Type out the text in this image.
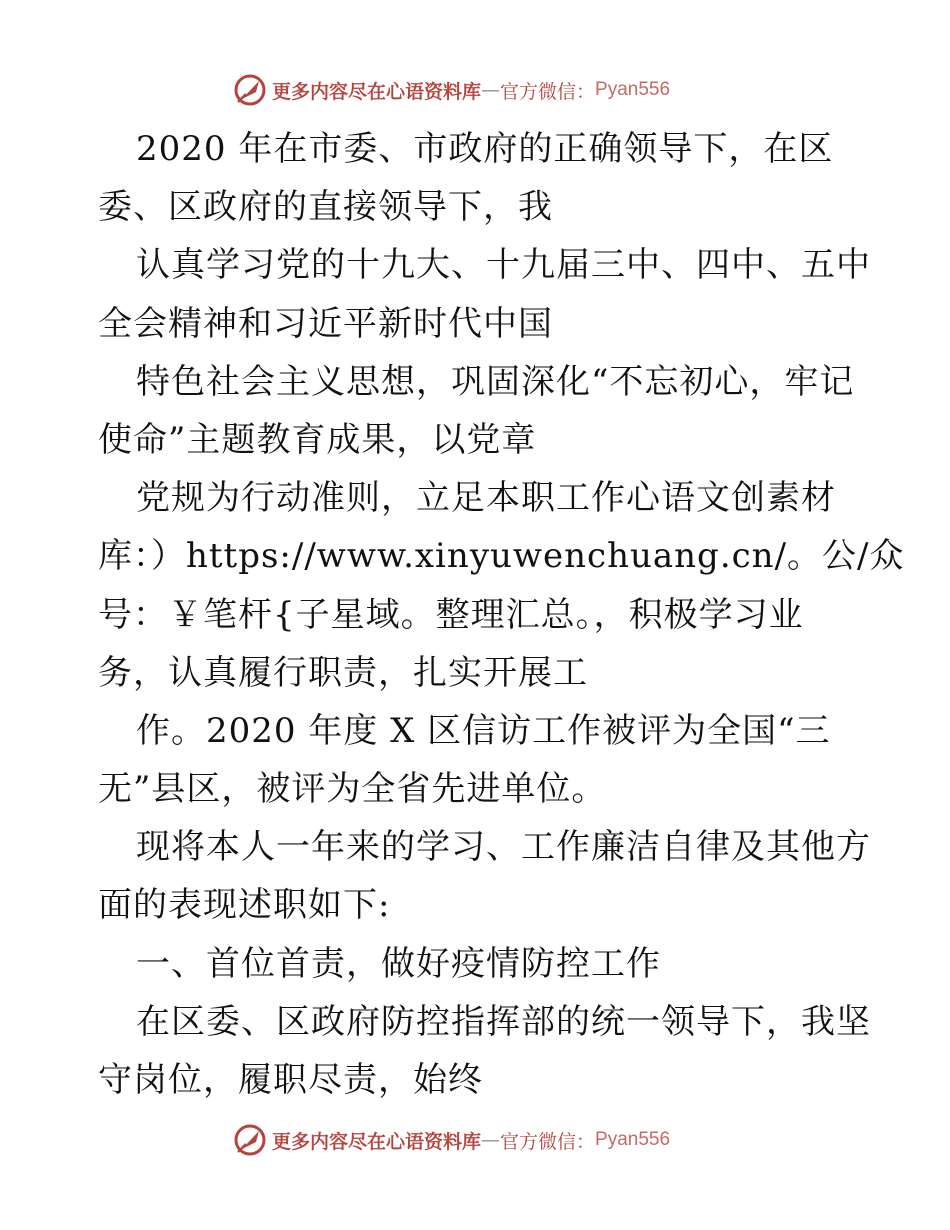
更多内容尽在心语资料库 — 官方微信： Pyan556
2020 年在市委、市政府的正确领导下，在区
委、区政府的直接领导下，我
认真学习党的十九大、十九届三中、四中、五中
全会精神和习近平新时代中国
特色社会主义思想，巩固深化“不忘初心，牢记
使命”主题教育成果，以党章
党规为行动准则，立足本职工作心语文创素材
库：）https://www.xinyuwenchuang.cn/。公/众
号：￥笔杆{子星域。整理汇总。，积极学习业
务，认真履行职责，扎实开展工
作。2020 年度 X 区信访工作被评为全国“三
无”县区，被评为全省先进单位。
现将本人一年来的学习、工作廉洁自律及其他方
面的表现述职如下:
一、首位首责，做好疫情防控工作
在区委、区政府防控指挥部的统一领导下，我坚
守岗位，履职尽责，始终
更多内容尽在心语资料库 — 官方微信： Pyan556
